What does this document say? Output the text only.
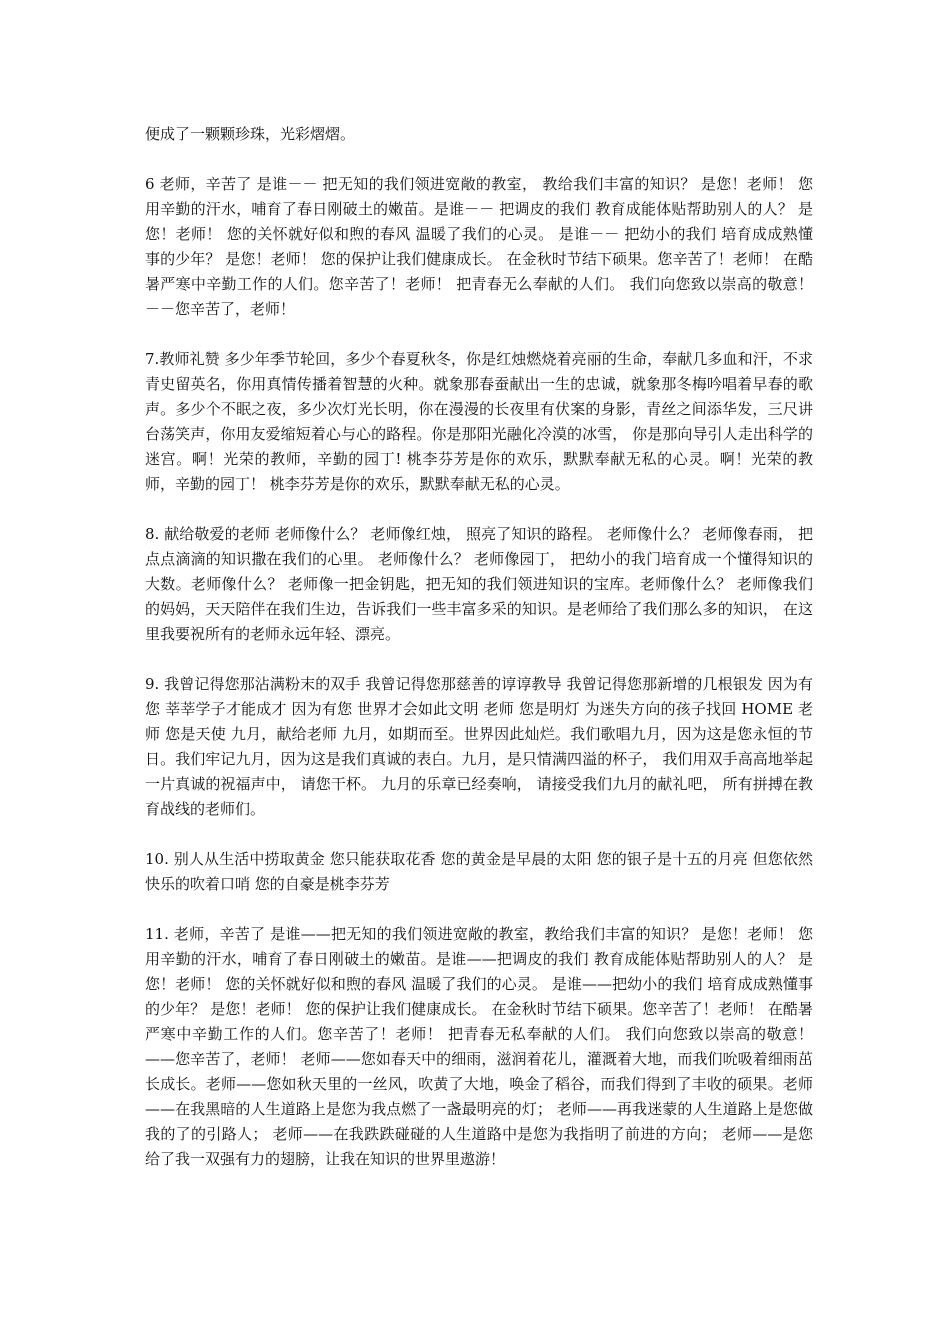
便成了一颗颗珍珠，光彩熠熠。

6 老师，辛苦了 是谁－－ 把无知的我们领进宽敞的教室， 教给我们丰富的知识？ 是您！老师！ 您用辛勤的汗水，哺育了春日刚破土的嫩苗。是谁－－ 把调皮的我们 教育成能体贴帮助别人的人？ 是您！老师！ 您的关怀就好似和煦的春风 温暖了我们的心灵。 是谁－－ 把幼小的我们 培育成成熟懂事的少年？ 是您！老师！ 您的保护让我们健康成长。 在金秋时节结下硕果。您辛苦了！老师！ 在酷暑严寒中辛勤工作的人们。您辛苦了！老师！ 把青春无么奉献的人们。 我们向您致以崇高的敬意！ －－您辛苦了，老师！

7.教师礼赞 多少年季节轮回，多少个春夏秋冬，你是红烛燃烧着亮丽的生命，奉献几多血和汗，不求青史留英名，你用真情传播着智慧的火种。就象那春蚕献出一生的忠诚，就象那冬梅吟唱着早春的歌声。多少个不眠之夜，多少次灯光长明，你在漫漫的长夜里有伏案的身影，青丝之间添华发，三尺讲台荡笑声，你用友爱缩短着心与心的路程。你是那阳光融化冷漠的冰雪， 你是那向导引人走出科学的迷宫。啊！光荣的教师，辛勤的园丁! 桃李芬芳是你的欢乐，默默奉献无私的心灵。啊！光荣的教师，辛勤的园丁！ 桃李芬芳是你的欢乐，默默奉献无私的心灵。

8. 献给敬爱的老师 老师像什么？ 老师像红烛， 照亮了知识的路程。 老师像什么？ 老师像春雨， 把点点滴滴的知识撒在我们的心里。 老师像什么？ 老师像园丁， 把幼小的我门培育成一个懂得知识的大数。老师像什么？ 老师像一把金钥匙，把无知的我们领进知识的宝库。老师像什么？ 老师像我们的妈妈，天天陪伴在我们生边，告诉我们一些丰富多采的知识。是老师给了我们那么多的知识， 在这里我要祝所有的老师永远年轻、漂亮。

9. 我曾记得您那沾满粉末的双手 我曾记得您那慈善的谆谆教导 我曾记得您那新增的几根银发 因为有您 莘莘学子才能成才 因为有您 世界才会如此文明 老师 您是明灯 为迷失方向的孩子找回 HOME 老师 您是天使 九月，献给老师 九月，如期而至。世界因此灿烂。我们歌唱九月，因为这是您永恒的节日。我们牢记九月，因为这是我们真诚的表白。九月，是只情满四溢的杯子， 我们用双手高高地举起 一片真诚的祝福声中， 请您干杯。 九月的乐章已经奏响， 请接受我们九月的献礼吧， 所有拼搏在教育战线的老师们。

10. 别人从生活中捞取黄金 您只能获取花香 您的黄金是早晨的太阳 您的银子是十五的月亮 但您依然快乐的吹着口哨 您的自豪是桃李芬芳

11. 老师，辛苦了 是谁——把无知的我们领进宽敞的教室，教给我们丰富的知识？ 是您！老师！ 您用辛勤的汗水，哺育了春日刚破土的嫩苗。是谁——把调皮的我们 教育成能体贴帮助别人的人？ 是您！老师！ 您的关怀就好似和煦的春风 温暖了我们的心灵。 是谁——把幼小的我们 培育成成熟懂事的少年？ 是您！老师！ 您的保护让我们健康成长。 在金秋时节结下硕果。您辛苦了！老师！ 在酷暑严寒中辛勤工作的人们。您辛苦了！老师！ 把青春无私奉献的人们。 我们向您致以崇高的敬意！ ——您辛苦了，老师！ 老师——您如春天中的细雨，滋润着花儿，灌溉着大地，而我们吮吸着细雨茁长成长。老师——您如秋天里的一丝风，吹黄了大地，唤金了稻谷，而我们得到了丰收的硕果。老师——在我黑暗的人生道路上是您为我点燃了一盏最明亮的灯； 老师——再我迷蒙的人生道路上是您做我的了的引路人； 老师——在我跌跌碰碰的人生道路中是您为我指明了前进的方向； 老师——是您给了我一双强有力的翅膀，让我在知识的世界里遨游！
